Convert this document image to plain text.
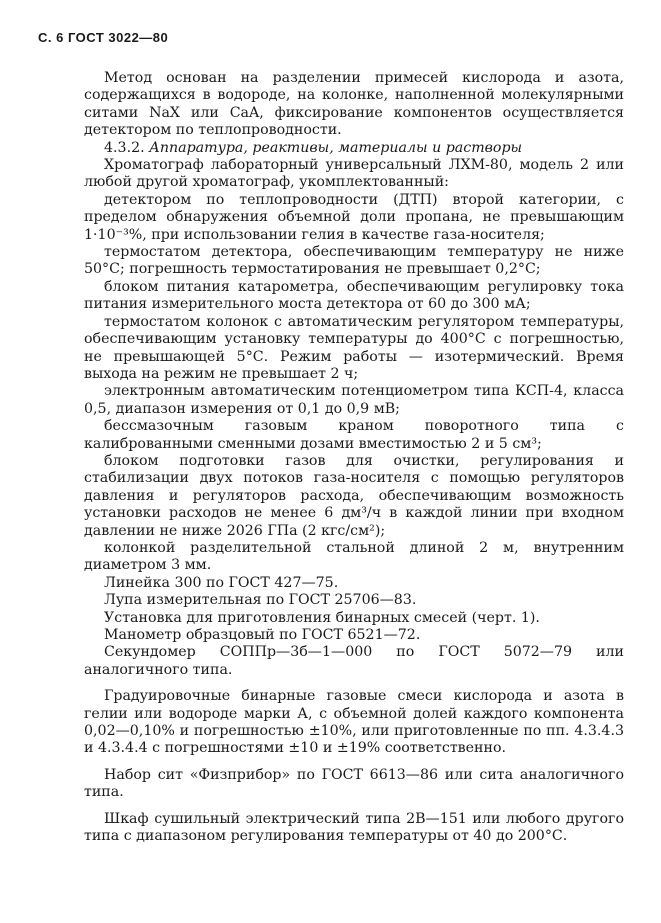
С. 6 ГОСТ 3022—80

Метод основан на разделении примесей кислорода и азота, содержащихся в водороде, на колонке, наполненной молекулярными ситами NaX или CaA, фиксирование компонентов осуществляется детектором по теплопроводности.

4.3.2. Аппаратура, реактивы, материалы и растворы

Хроматограф лабораторный универсальный ЛХМ-80, модель 2 или любой другой хроматограф, укомплектованный:

детектором по теплопроводности (ДТП) второй категории, с пределом обнаружения объемной доли пропана, не превышающим 1·10⁻³%, при использовании гелия в качестве газа-носителя;

термостатом детектора, обеспечивающим температуру не ниже 50°С; погрешность термостатирования не превышает 0,2°С;

блоком питания катарометра, обеспечивающим регулировку тока питания измерительного моста детектора от 60 до 300 мА;

термостатом колонок с автоматическим регулятором температуры, обеспечивающим установку температуры до 400°С с погрешностью, не превышающей 5°С. Режим работы — изотермический. Время выхода на режим не превышает 2 ч;

электронным автоматическим потенциометром типа КСП-4, класса 0,5, диапазон измерения от 0,1 до 0,9 мВ;

бессмазочным газовым краном поворотного типа с калиброванными сменными дозами вместимостью 2 и 5 см³;

блоком подготовки газов для очистки, регулирования и стабилизации двух потоков газа-носителя с помощью регуляторов давления и регуляторов расхода, обеспечивающим возможность установки расходов не менее 6 дм³/ч в каждой линии при входном давлении не ниже 2026 ГПа (2 кгс/см²);

колонкой разделительной стальной длиной 2 м, внутренним диаметром 3 мм.

Линейка 300 по ГОСТ 427—75.

Лупа измерительная по ГОСТ 25706—83.

Установка для приготовления бинарных смесей (черт. 1).

Манометр образцовый по ГОСТ 6521—72.

Секундомер СОППр—3б—1—000 по ГОСТ 5072—79 или аналогичного типа.

Градуировочные бинарные газовые смеси кислорода и азота в гелии или водороде марки А, с объемной долей каждого компонента 0,02—0,10% и погрешностью ±10%, или приготовленные по пп. 4.3.4.3 и 4.3.4.4 с погрешностями ±10 и ±19% соответственно.

Набор сит «Физприбор» по ГОСТ 6613—86 или сита аналогичного типа.

Шкаф сушильный электрический типа 2В—151 или любого другого типа с диапазоном регулирования температуры от 40 до 200°С.
